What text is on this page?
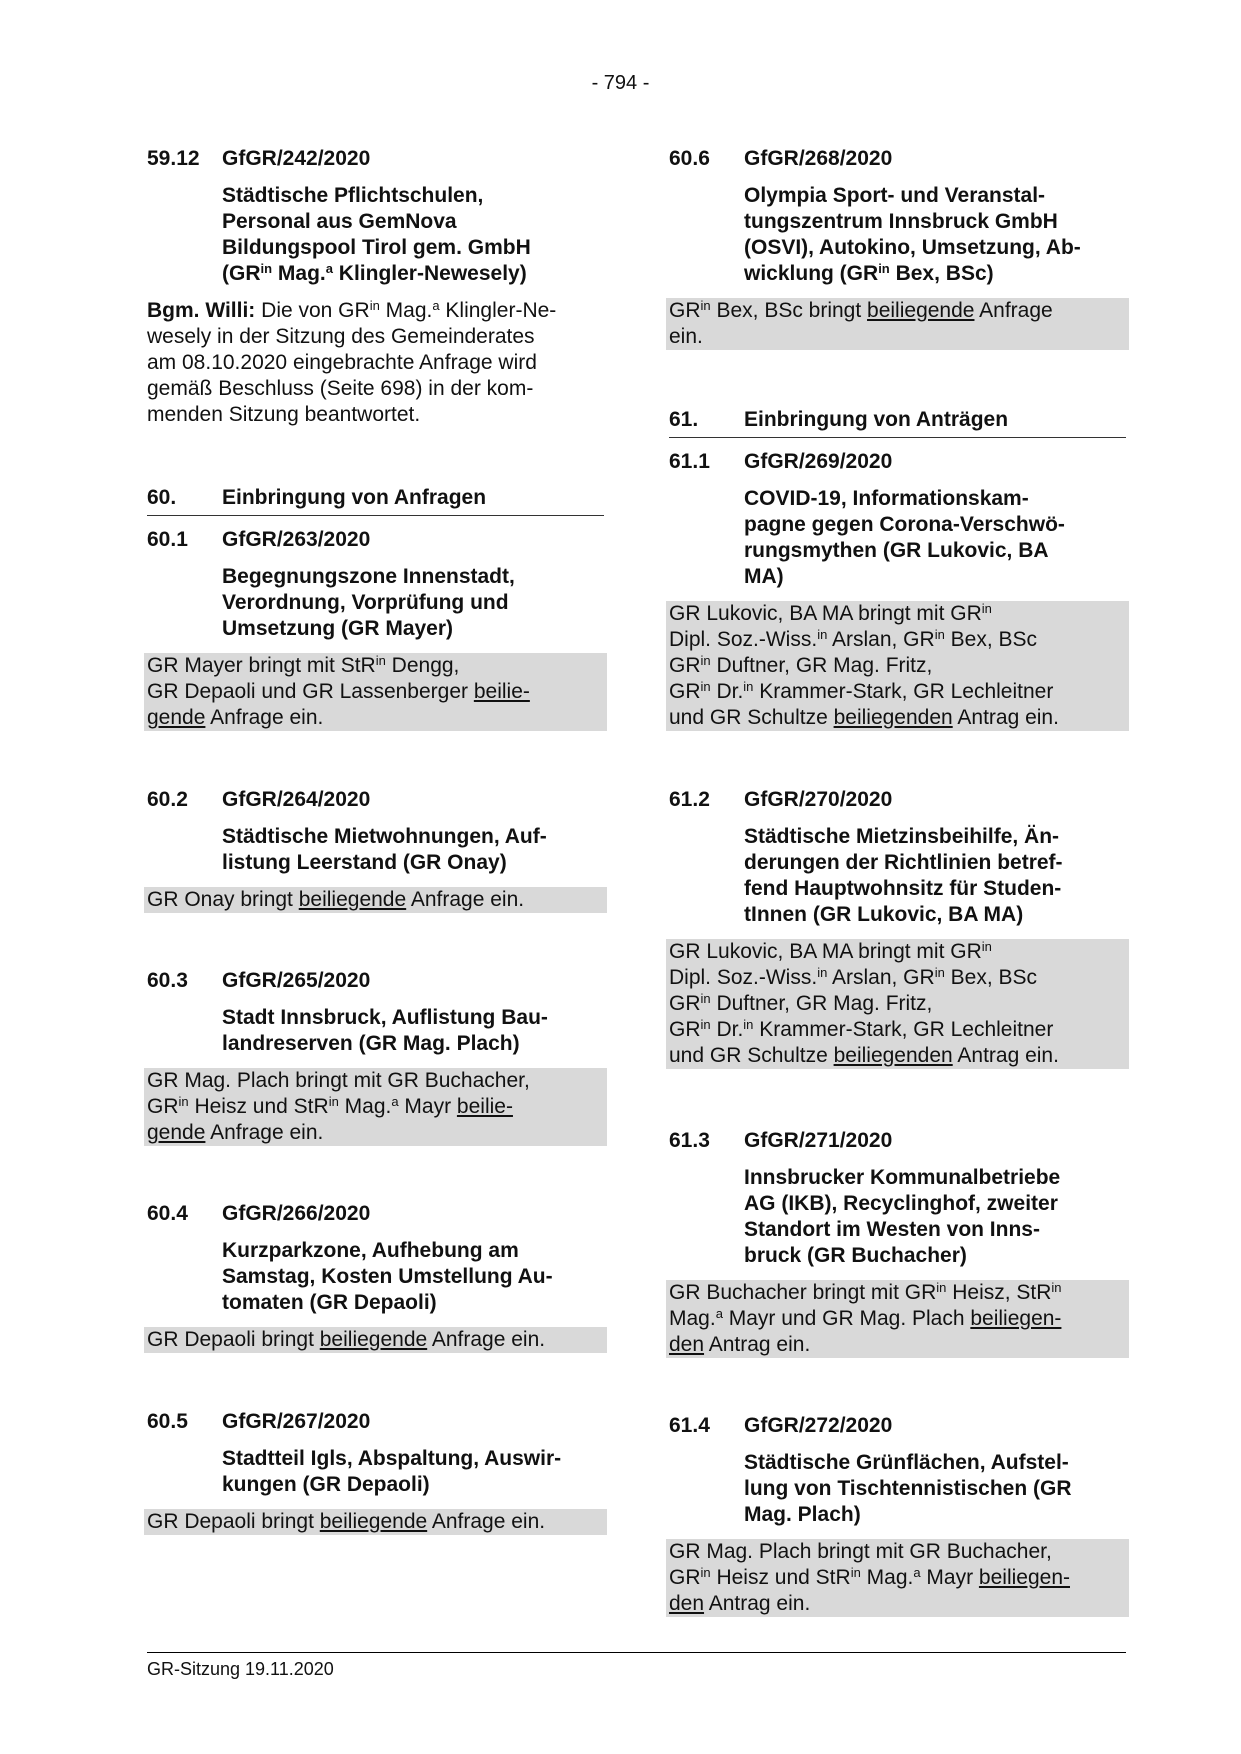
- 794 -
59.12	GfGR/242/2020
Städtische Pflichtschulen,
Personal aus GemNova
Bildungspool Tirol gem. GmbH
($GR^{in}$ Mag.$^a$ Klingler-Newesely)
Bgm. Willi: Die von $GR^{in}$ Mag.$^a$ Klingler-Ne-
wesely in der Sitzung des Gemeinderates
am 08.10.2020 eingebrachte Anfrage wird
gemäß Beschluss (Seite 698) in der kom-
menden Sitzung beantwortet.
60.	Einbringung von Anfragen
60.1	GfGR/263/2020
Begegnungszone Innenstadt,
Verordnung, Vorprüfung und
Umsetzung (GR Mayer)
GR Mayer bringt mit StR$^{in}$ Dengg,
GR Depaoli und GR Lassenberger beilie-
gende Anfrage ein.
60.2	GfGR/264/2020
Städtische Mietwohnungen, Auf-
listung Leerstand (GR Onay)
GR Onay bringt beiliegende Anfrage ein.
60.3	GfGR/265/2020
Stadt Innsbruck, Auflistung Bau-
landreserven (GR Mag. Plach)
GR Mag. Plach bringt mit GR Buchacher,
$GR^{in}$ Heisz und StR$^{in}$ Mag.$^a$ Mayr beilie-
gende Anfrage ein.
60.4	GfGR/266/2020
Kurzparkzone, Aufhebung am
Samstag, Kosten Umstellung Au-
tomaten (GR Depaoli)
GR Depaoli bringt beiliegende Anfrage ein.
60.5	GfGR/267/2020
Stadtteil Igls, Abspaltung, Auswir-
kungen (GR Depaoli)
GR Depaoli bringt beiliegende Anfrage ein.
60.6	GfGR/268/2020
Olympia Sport- und Veranstal-
tungszentrum Innsbruck GmbH
(OSVI), Autokino, Umsetzung, Ab-
wicklung ($GR^{in}$ Bex, BSc)
$GR^{in}$ Bex, BSc bringt beiliegende Anfrage
ein.
61.	Einbringung von Anträgen
61.1	GfGR/269/2020
COVID-19, Informationskam-
pagne gegen Corona-Verschwö-
rungsmythen (GR Lukovic, BA
MA)
GR Lukovic, BA MA bringt mit $GR^{in}$
Dipl. Soz.-Wiss.$^{in}$ Arslan, $GR^{in}$ Bex, BSc
$GR^{in}$ Duftner, GR Mag. Fritz,
$GR^{in}$ Dr.$^{in}$ Krammer-Stark, GR Lechleitner
und GR Schultze beiliegenden Antrag ein.
61.2	GfGR/270/2020
Städtische Mietzinsbeihilfe, Än-
derungen der Richtlinien betref-
fend Hauptwohnsitz für Studen-
tInnen (GR Lukovic, BA MA)
GR Lukovic, BA MA bringt mit $GR^{in}$
Dipl. Soz.-Wiss.$^{in}$ Arslan, $GR^{in}$ Bex, BSc
$GR^{in}$ Duftner, GR Mag. Fritz,
$GR^{in}$ Dr.$^{in}$ Krammer-Stark, GR Lechleitner
und GR Schultze beiliegenden Antrag ein.
61.3	GfGR/271/2020
Innsbrucker Kommunalbetriebe
AG (IKB), Recyclinghof, zweiter
Standort im Westen von Inns-
bruck (GR Buchacher)
GR Buchacher bringt mit $GR^{in}$ Heisz, StR$^{in}$
Mag.$^a$ Mayr und GR Mag. Plach beiliegen-
den Antrag ein.
61.4	GfGR/272/2020
Städtische Grünflächen, Aufstel-
lung von Tischtennistischen (GR
Mag. Plach)
GR Mag. Plach bringt mit GR Buchacher,
$GR^{in}$ Heisz und StR$^{in}$ Mag.$^a$ Mayr beiliegen-
den Antrag ein.
GR-Sitzung 19.11.2020
